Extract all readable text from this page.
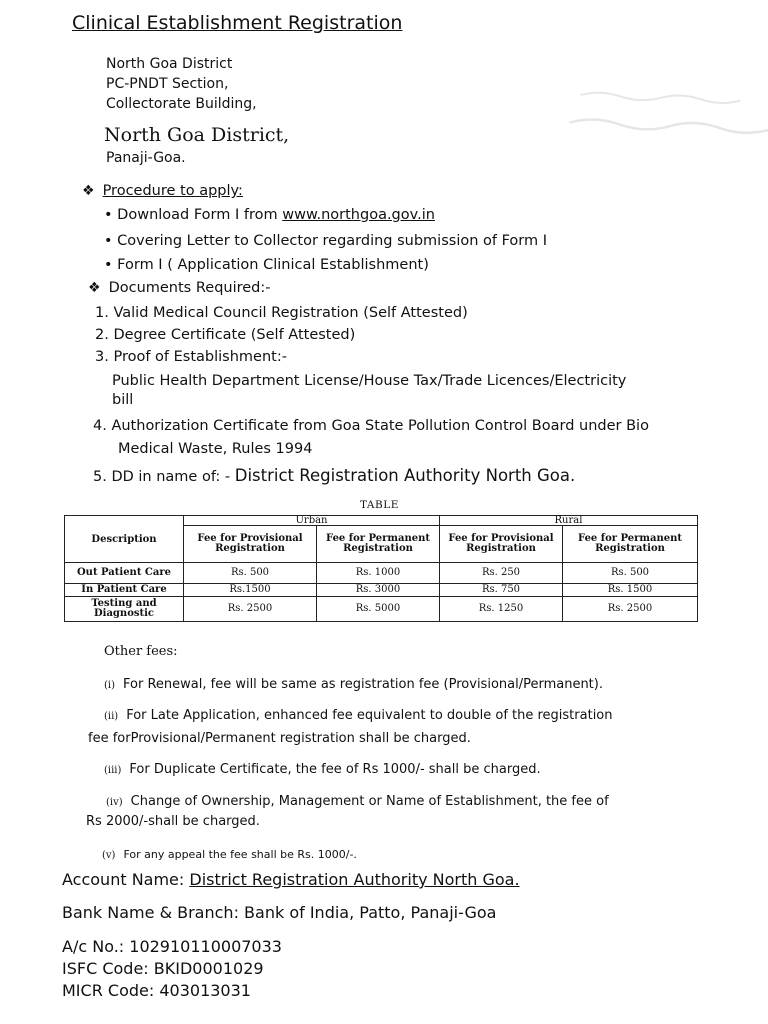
Clinical Establishment Registration
North Goa District
PC-PNDT Section,
Collectorate Building,
North Goa District,
Panaji-Goa.
❖ Procedure to apply:
• Download Form I from www.northgoa.gov.in
• Covering Letter to Collector regarding submission of Form I
• Form I ( Application Clinical Establishment)
❖ Documents Required:-
1. Valid Medical Council Registration (Self Attested)
2. Degree Certificate (Self Attested)
3. Proof of Establishment:-
Public Health Department License/House Tax/Trade Licences/Electricity
bill
4. Authorization Certificate from Goa State Pollution Control Board under Bio
Medical Waste, Rules 1994
5. DD in name of: - District Registration Authority North Goa.
TABLE
Description	Urban		Rural	
	Fee for Provisional Registration	Fee for Permanent Registration	Fee for Provisional Registration	Fee for Permanent Registration
Out Patient Care	Rs. 500	Rs. 1000	Rs. 250	Rs. 500
In Patient Care	Rs.1500	Rs. 3000	Rs. 750	Rs. 1500
Testing and Diagnostic	Rs. 2500	Rs. 5000	Rs. 1250	Rs. 2500
Other fees:
(i) For Renewal, fee will be same as registration fee (Provisional/Permanent).
(ii) For Late Application, enhanced fee equivalent to double of the registration
fee forProvisional/Permanent registration shall be charged.
(iii) For Duplicate Certificate, the fee of Rs 1000/- shall be charged.
(iv) Change of Ownership, Management or Name of Establishment, the fee of
Rs 2000/-shall be charged.
(v) For any appeal the fee shall be Rs. 1000/-.
Account Name: District Registration Authority North Goa.
Bank Name & Branch: Bank of India, Patto, Panaji-Goa
A/c No.: 102910110007033
ISFC Code: BKID0001029
MICR Code: 403013031
